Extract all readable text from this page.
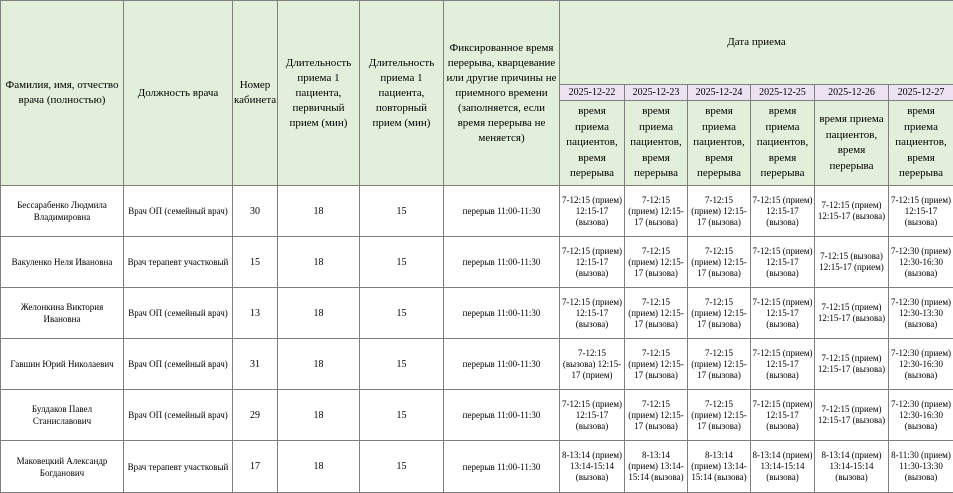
Фамилия, имя, отчество врача (полностью)	Должность врача	Номер кабинета	Длительность приема 1 пациента, первичный прием (мин)	Длительность приема 1 пациента, повторный прием (мин)	Фиксированное время перерыва, кварцевание или другие причины не приемного времени (заполняется, если время перерыва не меняется)	Дата приема					
						2025-12-22	2025-12-23	2025-12-24	2025-12-25	2025-12-26	2025-12-27
						время приема пациентов, время перерыва	время приема пациентов, время перерыва	время приема пациентов, время перерыва	время приема пациентов, время перерыва	время приема пациентов, время перерыва	время приема пациентов, время перерыва
Бессарабенко Людмила Владимировна	Врач ОП (семейный врач)	30	18	15	перерыв 11:00-11:30	7-12:15 (прием) 12:15-17 (вызова)	7-12:15 (прием) 12:15-17 (вызова)	7-12:15 (прием) 12:15-17 (вызова)	7-12:15 (прием) 12:15-17 (вызова)	7-12:15 (прием) 12:15-17 (вызова)	7-12:15 (прием) 12:15-17 (вызова)
Вакуленко Неля Ивановна	Врач терапевт участковый	15	18	15	перерыв 11:00-11:30	7-12:15 (прием) 12:15-17 (вызова)	7-12:15 (прием) 12:15-17 (вызова)	7-12:15 (прием) 12:15-17 (вызова)	7-12:15 (прием) 12:15-17 (вызова)	7-12:15 (вызова) 12:15-17 (прием)	7-12:30 (прием) 12:30-16:30 (вызова)
Желонкина Виктория Ивановна	Врач ОП (семейный врач)	13	18	15	перерыв 11:00-11:30	7-12:15 (прием) 12:15-17 (вызова)	7-12:15 (прием) 12:15-17 (вызова)	7-12:15 (прием) 12:15-17 (вызова)	7-12:15 (прием) 12:15-17 (вызова)	7-12:15 (прием) 12:15-17 (вызова)	7-12:30 (прием) 12:30-13:30 (вызова)
Гавшин Юрий Николаевич	Врач ОП (семейный врач)	31	18	15	перерыв 11:00-11:30	7-12:15 (вызова) 12:15-17 (прием)	7-12:15 (прием) 12:15-17 (вызова)	7-12:15 (прием) 12:15-17 (вызова)	7-12:15 (прием) 12:15-17 (вызова)	7-12:15 (прием) 12:15-17 (вызова)	7-12:30 (прием) 12:30-16:30 (вызова)
Булдаков Павел Станиславович	Врач ОП (семейный врач)	29	18	15	перерыв 11:00-11:30	7-12:15 (прием) 12:15-17 (вызова)	7-12:15 (прием) 12:15-17 (вызова)	7-12:15 (прием) 12:15-17 (вызова)	7-12:15 (прием) 12:15-17 (вызова)	7-12:15 (прием) 12:15-17 (вызова)	7-12:30 (прием) 12:30-16:30 (вызова)
Маковецкий Александр Богданович	Врач терапевт участковый	17	18	15	перерыв 11:00-11:30	8-13:14 (прием) 13:14-15:14 (вызова)	8-13:14 (прием) 13:14-15:14 (вызова)	8-13:14 (прием) 13:14-15:14 (вызова)	8-13:14 (прием) 13:14-15:14 (вызова)	8-13:14 (прием) 13:14-15:14 (вызова)	8-11:30 (прием) 11:30-13:30 (вызова)
